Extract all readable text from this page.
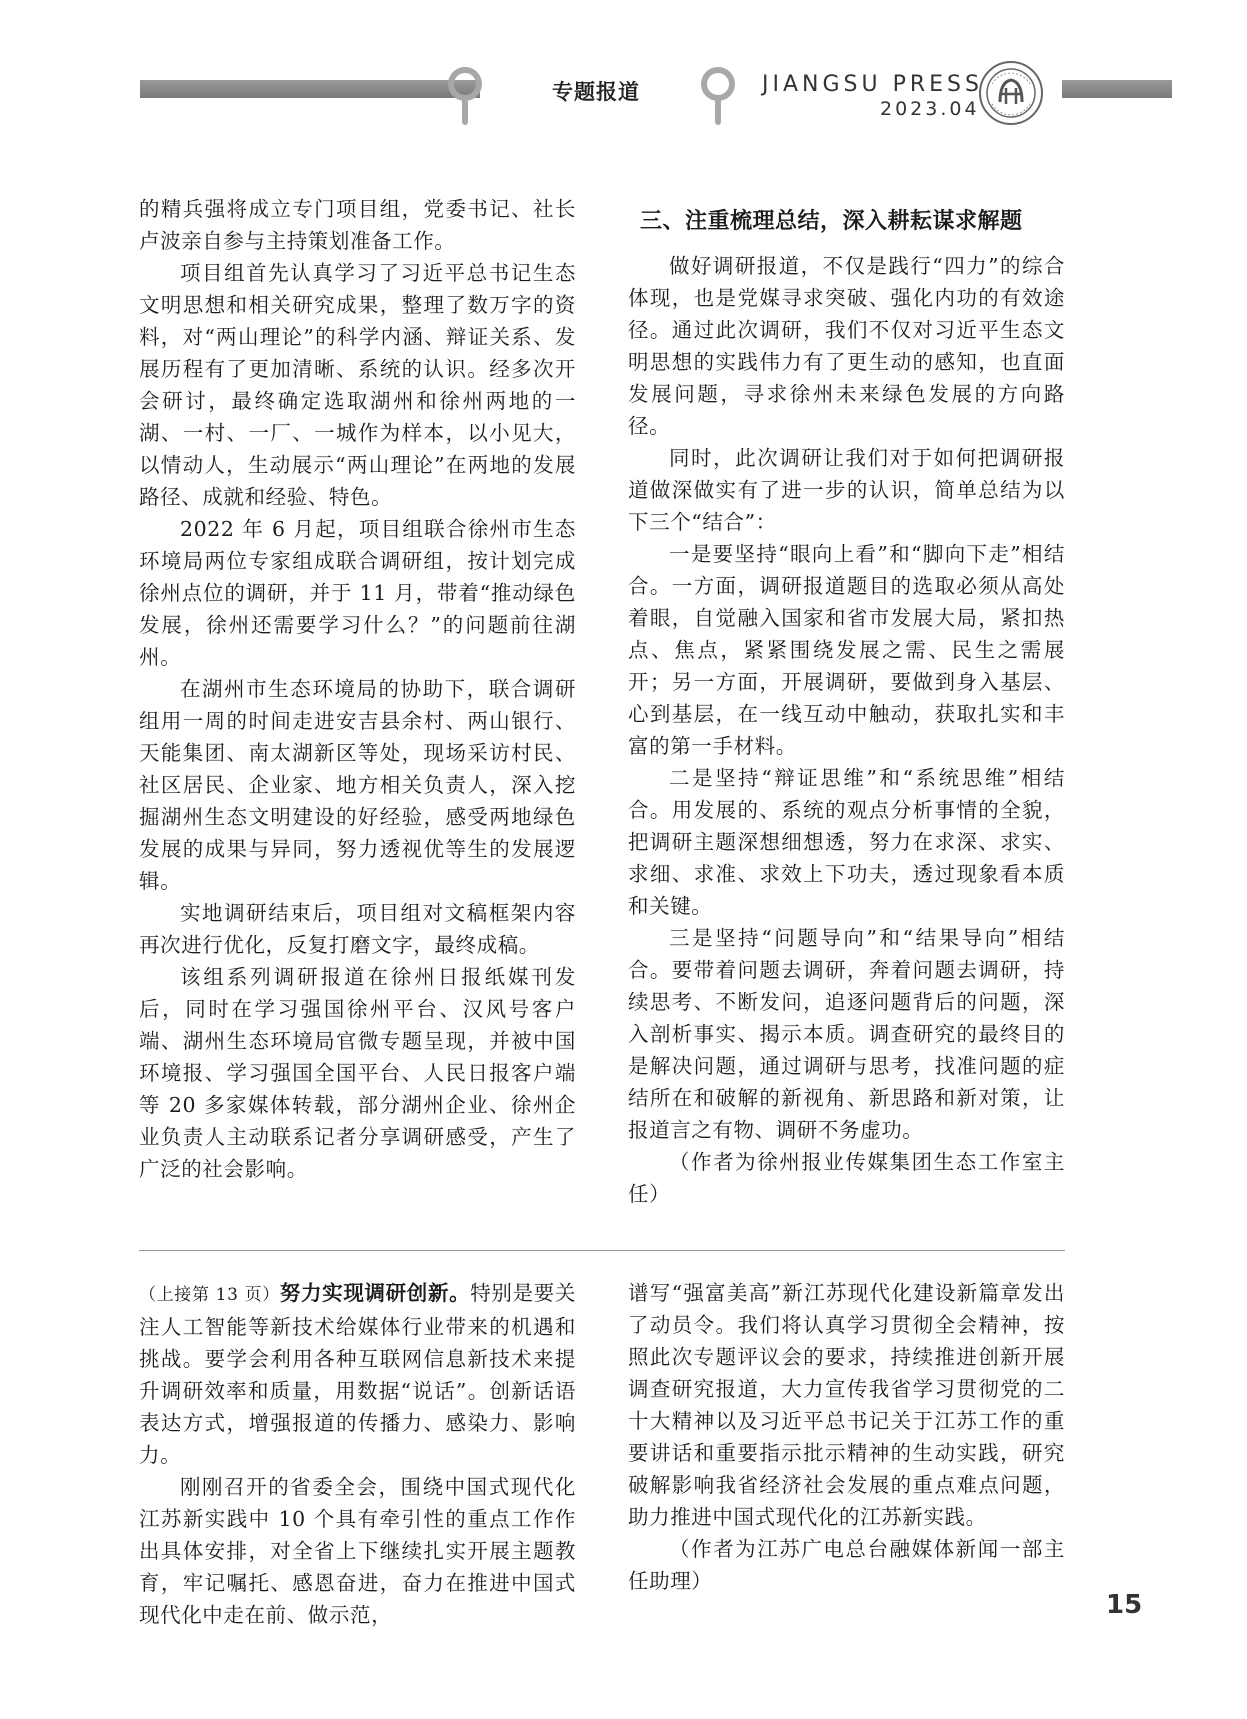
专题报道	JIANGSU PRESS
2023.04

的精兵强将成立专门项目组，党委书记、社长卢波亲自参与主持策划准备工作。

项目组首先认真学习了习近平总书记生态文明思想和相关研究成果，整理了数万字的资料，对“两山理论”的科学内涵、辩证关系、发展历程有了更加清晰、系统的认识。经多次开会研讨，最终确定选取湖州和徐州两地的一湖、一村、一厂、一城作为样本，以小见大，以情动人，生动展示“两山理论”在两地的发展路径、成就和经验、特色。

2022 年 6 月起，项目组联合徐州市生态环境局两位专家组成联合调研组，按计划完成徐州点位的调研，并于 11 月，带着“推动绿色发展，徐州还需要学习什么？”的问题前往湖州。

在湖州市生态环境局的协助下，联合调研组用一周的时间走进安吉县余村、两山银行、天能集团、南太湖新区等处，现场采访村民、社区居民、企业家、地方相关负责人，深入挖掘湖州生态文明建设的好经验，感受两地绿色发展的成果与异同，努力透视优等生的发展逻辑。

实地调研结束后，项目组对文稿框架内容再次进行优化，反复打磨文字，最终成稿。

该组系列调研报道在徐州日报纸媒刊发后，同时在学习强国徐州平台、汉风号客户端、湖州生态环境局官微专题呈现，并被中国环境报、学习强国全国平台、人民日报客户端等 20 多家媒体转载，部分湖州企业、徐州企业负责人主动联系记者分享调研感受，产生了广泛的社会影响。

三、注重梳理总结，深入耕耘谋求解题

做好调研报道，不仅是践行“四力”的综合体现，也是党媒寻求突破、强化内功的有效途径。通过此次调研，我们不仅对习近平生态文明思想的实践伟力有了更生动的感知，也直面发展问题，寻求徐州未来绿色发展的方向路径。

同时，此次调研让我们对于如何把调研报道做深做实有了进一步的认识，简单总结为以下三个“结合”：

一是要坚持“眼向上看”和“脚向下走”相结合。一方面，调研报道题目的选取必须从高处着眼，自觉融入国家和省市发展大局，紧扣热点、焦点，紧紧围绕发展之需、民生之需展开；另一方面，开展调研，要做到身入基层、心到基层，在一线互动中触动，获取扎实和丰富的第一手材料。

二是坚持“辩证思维”和“系统思维”相结合。用发展的、系统的观点分析事情的全貌，把调研主题深想细想透，努力在求深、求实、求细、求准、求效上下功夫，透过现象看本质和关键。

三是坚持“问题导向”和“结果导向”相结合。要带着问题去调研，奔着问题去调研，持续思考、不断发问，追逐问题背后的问题，深入剖析事实、揭示本质。调查研究的最终目的是解决问题，通过调研与思考，找准问题的症结所在和破解的新视角、新思路和新对策，让报道言之有物、调研不务虚功。

（作者为徐州报业传媒集团生态工作室主任）

（上接第 13 页）努力实现调研创新。特别是要关注人工智能等新技术给媒体行业带来的机遇和挑战。要学会利用各种互联网信息新技术来提升调研效率和质量，用数据“说话”。创新话语表达方式，增强报道的传播力、感染力、影响力。

刚刚召开的省委全会，围绕中国式现代化江苏新实践中 10 个具有牵引性的重点工作作出具体安排，对全省上下继续扎实开展主题教育，牢记嘱托、感恩奋进，奋力在推进中国式现代化中走在前、做示范，

谱写“强富美高”新江苏现代化建设新篇章发出了动员令。我们将认真学习贯彻全会精神，按照此次专题评议会的要求，持续推进创新开展调查研究报道，大力宣传我省学习贯彻党的二十大精神以及习近平总书记关于江苏工作的重要讲话和重要指示批示精神的生动实践，研究破解影响我省经济社会发展的重点难点问题，助力推进中国式现代化的江苏新实践。

（作者为江苏广电总台融媒体新闻一部主任助理）

15
